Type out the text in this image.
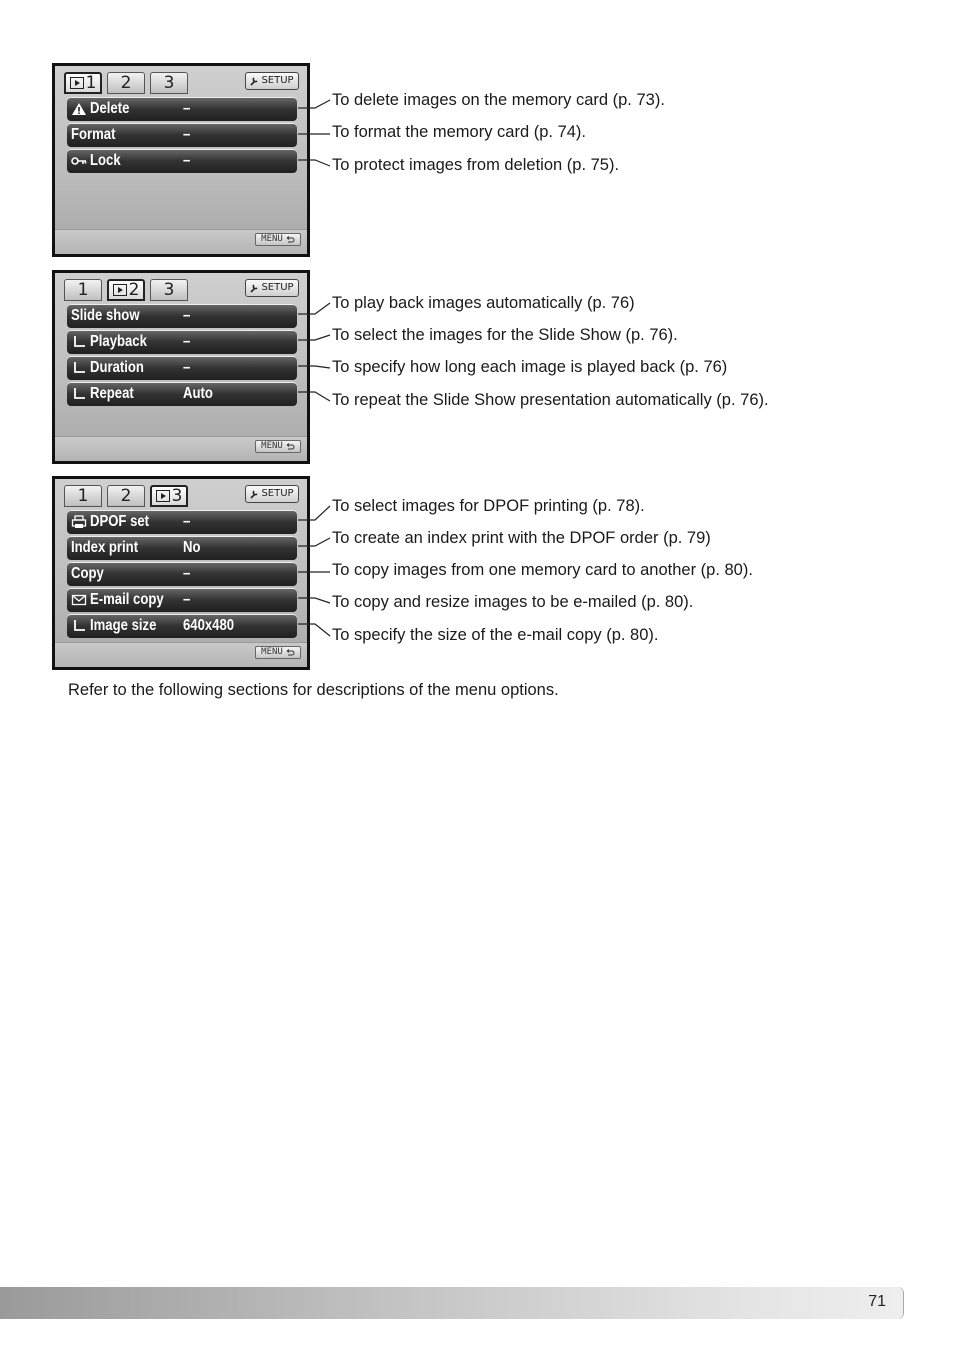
1 2 3	SETUP
Delete	–
Format	–
Lock	–
MENU
1 2 3	SETUP
Slide show	–
Playback –
Duration –
Repeat	Auto
MENU
1 2 3	SETUP
DPOF set –
Index print	No
Copy	–
E-mail copy –
Image size 640x480
MENU
To delete images on the memory card (p. 73).
To format the memory card (p. 74).
To protect images from deletion (p. 75).
To play back images automatically (p. 76)
To select the images for the Slide Show (p. 76).
To specify how long each image is played back (p. 76)
To repeat the Slide Show presentation automatically (p. 76).
To select images for DPOF printing (p. 78).
To create an index print with the DPOF order (p. 79)
To copy images from one memory card to another (p. 80).
To copy and resize images to be e-mailed (p. 80).
To specify the size of the e-mail copy (p. 80).
Refer to the following sections for descriptions of the menu options.
71
